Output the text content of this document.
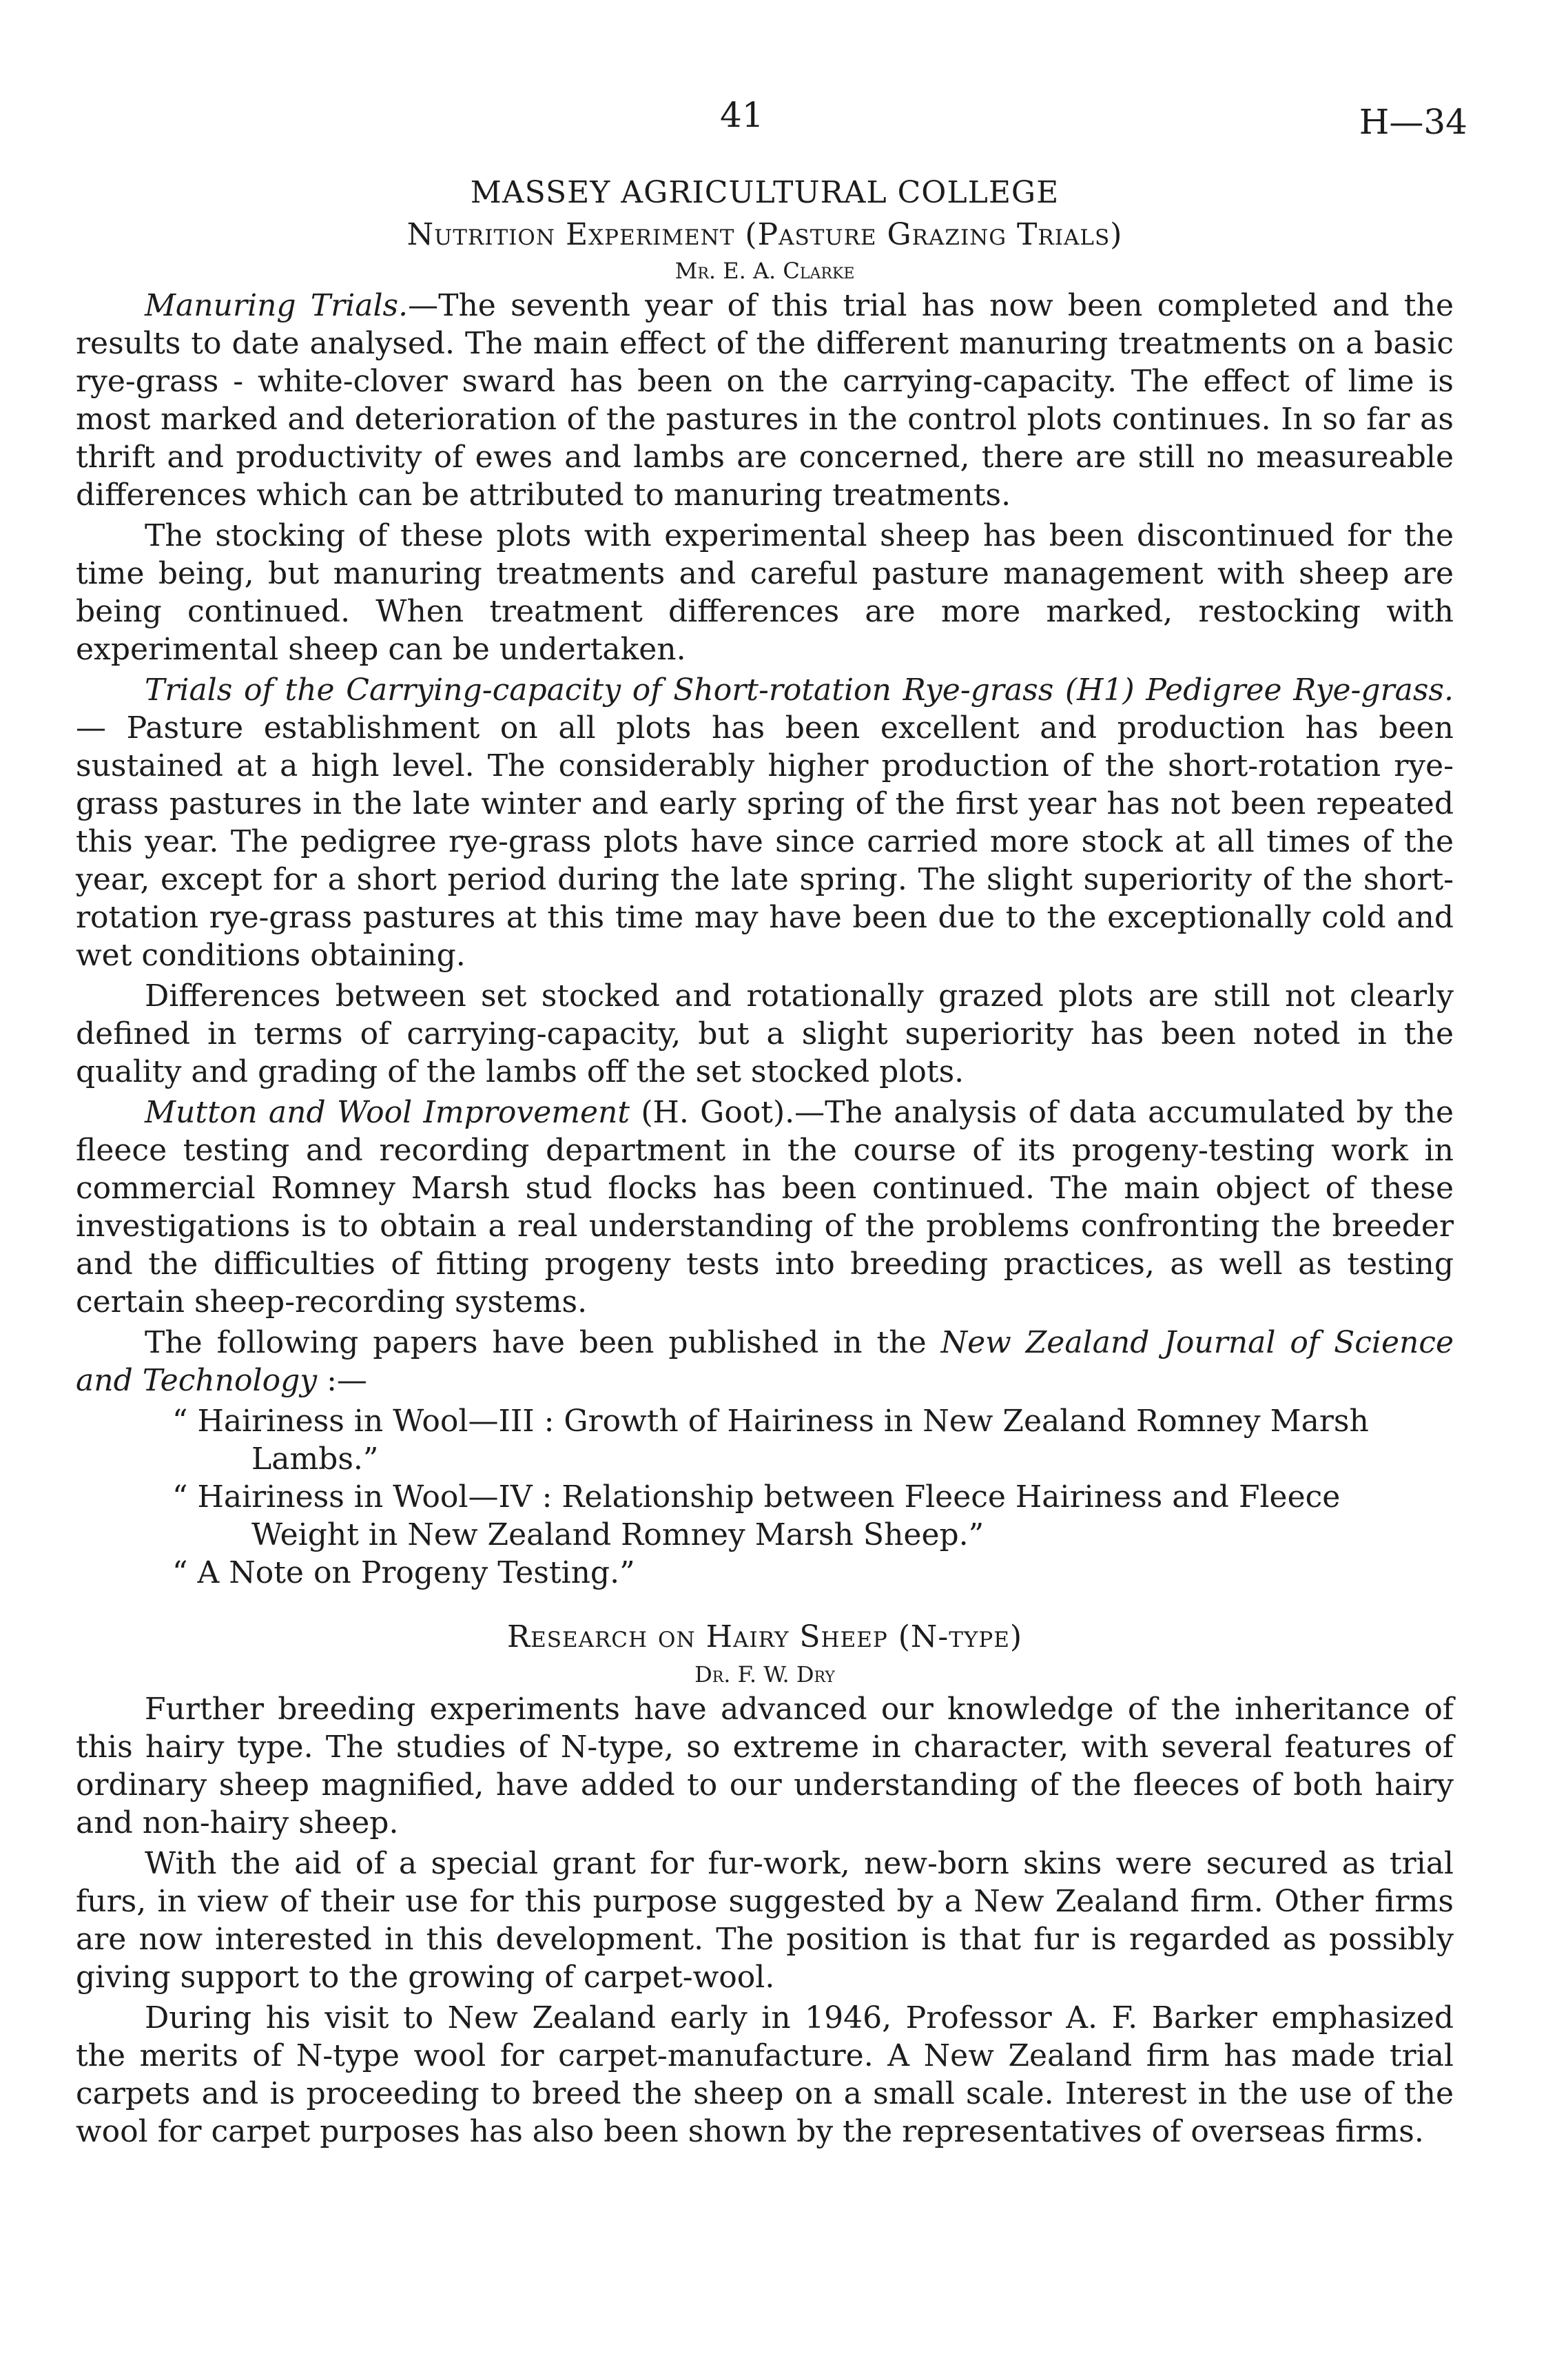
41	H—34
MASSEY AGRICULTURAL COLLEGE
Nutrition Experiment (Pasture Grazing Trials)
Mr. E. A. Clarke

Manuring Trials.—The seventh year of this trial has now been completed and the results to date analysed. The main effect of the different manuring treatments on a basic rye-grass - white-clover sward has been on the carrying-capacity. The effect of lime is most marked and deterioration of the pastures in the control plots continues. In so far as thrift and productivity of ewes and lambs are concerned, there are still no measureable differences which can be attributed to manuring treatments.

The stocking of these plots with experimental sheep has been discontinued for the time being, but manuring treatments and careful pasture management with sheep are being continued. When treatment differences are more marked, restocking with experimental sheep can be undertaken.

Trials of the Carrying-capacity of Short-rotation Rye-grass (H1) Pedigree Rye-grass.— Pasture establishment on all plots has been excellent and production has been sustained at a high level. The considerably higher production of the short-rotation rye-grass pastures in the late winter and early spring of the first year has not been repeated this year. The pedigree rye-grass plots have since carried more stock at all times of the year, except for a short period during the late spring. The slight superiority of the short-rotation rye-grass pastures at this time may have been due to the exceptionally cold and wet conditions obtaining.

Differences between set stocked and rotationally grazed plots are still not clearly defined in terms of carrying-capacity, but a slight superiority has been noted in the quality and grading of the lambs off the set stocked plots.

Mutton and Wool Improvement (H. Goot).—The analysis of data accumulated by the fleece testing and recording department in the course of its progeny-testing work in commercial Romney Marsh stud flocks has been continued. The main object of these investigations is to obtain a real understanding of the problems confronting the breeder and the difficulties of fitting progeny tests into breeding practices, as well as testing certain sheep-recording systems.

The following papers have been published in the New Zealand Journal of Science and Technology :—

“ Hairiness in Wool—III : Growth of Hairiness in New Zealand Romney Marsh Lambs.”

“ Hairiness in Wool—IV : Relationship between Fleece Hairiness and Fleece Weight in New Zealand Romney Marsh Sheep.”

“ A Note on Progeny Testing.”

Research on Hairy Sheep (N-type)
Dr. F. W. Dry

Further breeding experiments have advanced our knowledge of the inheritance of this hairy type. The studies of N-type, so extreme in character, with several features of ordinary sheep magnified, have added to our understanding of the fleeces of both hairy and non-hairy sheep.

With the aid of a special grant for fur-work, new-born skins were secured as trial furs, in view of their use for this purpose suggested by a New Zealand firm. Other firms are now interested in this development. The position is that fur is regarded as possibly giving support to the growing of carpet-wool.

During his visit to New Zealand early in 1946, Professor A. F. Barker emphasized the merits of N-type wool for carpet-manufacture. A New Zealand firm has made trial carpets and is proceeding to breed the sheep on a small scale. Interest in the use of the wool for carpet purposes has also been shown by the representatives of overseas firms.
